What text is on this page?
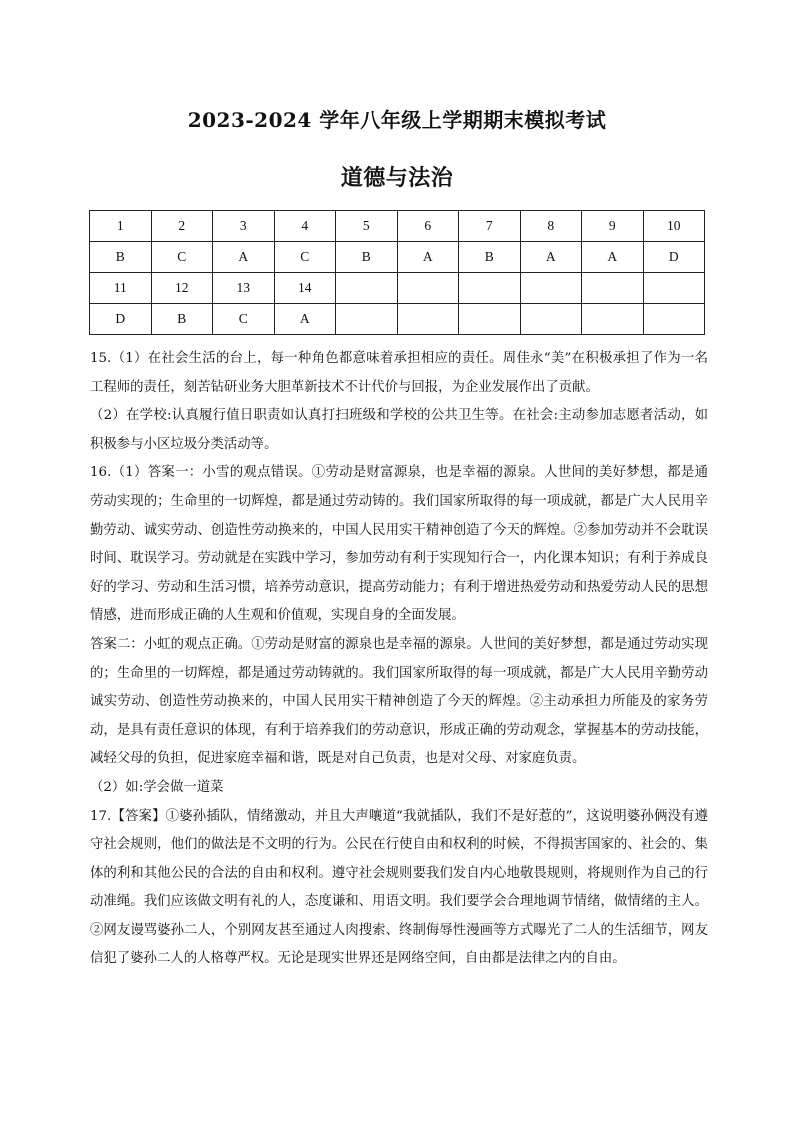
2023-2024 学年八年级上学期期末模拟考试
道德与法治
1	2	3	4	5	6	7	8	9	10
B	C	A	C	B	A	B	A	A	D
11	12	13	14						
D	B	C	A						

15.（1）在社会生活的台上，每一种角色都意味着承担相应的责任。周佳永“美”在积极承担了作为一名工程师的责任，刻苦钻研业务大胆革新技术不计代价与回报，为企业发展作出了贡献。

（2）在学校:认真履行值日职责如认真打扫班级和学校的公共卫生等。在社会:主动参加志愿者活动，如积极参与小区垃圾分类活动等。

16.（1）答案一：小雪的观点错误。①劳动是财富源泉，也是幸福的源泉。人世间的美好梦想，都是通劳动实现的；生命里的一切辉煌，都是通过劳动铸的。我们国家所取得的每一项成就，都是广大人民用辛勤劳动、诚实劳动、创造性劳动换来的，中国人民用实干精神创造了今天的辉煌。②参加劳动并不会耽误时间、耽误学习。劳动就是在实践中学习，参加劳动有利于实现知行合一，内化课本知识；有利于养成良好的学习、劳动和生活习惯，培养劳动意识，提高劳动能力；有利于增进热爱劳动和热爱劳动人民的思想情感，进而形成正确的人生观和价值观，实现自身的全面发展。

答案二：小虹的观点正确。①劳动是财富的源泉也是幸福的源泉。人世间的美好梦想，都是通过劳动实现的；生命里的一切辉煌，都是通过劳动铸就的。我们国家所取得的每一项成就，都是广大人民用辛勤劳动诚实劳动、创造性劳动换来的，中国人民用实干精神创造了今天的辉煌。②主动承担力所能及的家务劳动，是具有责任意识的体现，有利于培养我们的劳动意识，形成正确的劳动观念，掌握基本的劳动技能，减轻父母的负担，促进家庭幸福和谐，既是对自己负责，也是对父母、对家庭负责。

（2）如:学会做一道菜

17.【答案】①婆孙插队，情绪激动，并且大声嚷道“我就插队，我们不是好惹的”，这说明婆孙俩没有遵守社会规则，他们的做法是不文明的行为。公民在行使自由和权利的时候，不得损害国家的、社会的、集体的利和其他公民的合法的自由和权利。遵守社会规则要我们发自内心地敬畏规则，将规则作为自己的行动准绳。我们应该做文明有礼的人，态度谦和、用语文明。我们要学会合理地调节情绪，做情绪的主人。②网友谩骂婆孙二人，个别网友甚至通过人肉搜索、终制侮辱性漫画等方式曝光了二人的生活细节，网友信犯了婆孙二人的人格尊严权。无论是现实世界还是网络空间，自由都是法律之内的自由。
